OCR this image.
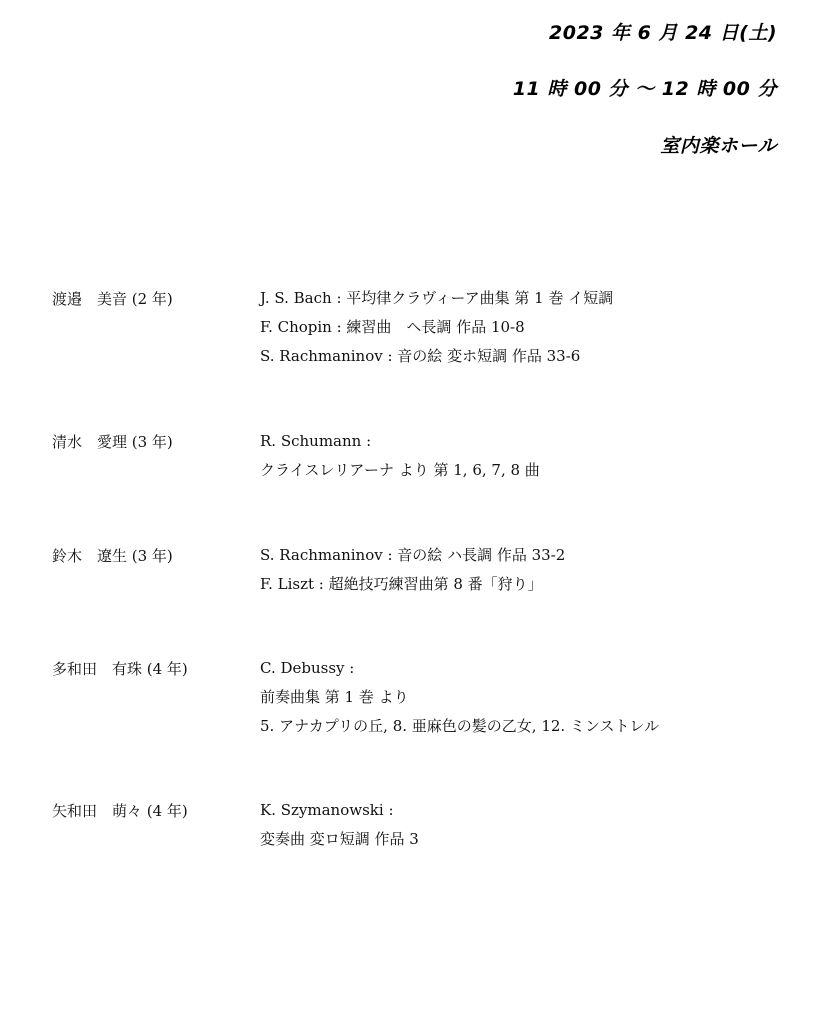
2023 年 6 月 24 日(土)
11 時 00 分 〜 12 時 00 分
室内楽ホール
渡邉　美音 (2 年)	J. S. Bach : 平均律クラヴィーア曲集 第 1 巻 イ短調
F. Chopin : 練習曲　ヘ長調 作品 10-8
S. Rachmaninov : 音の絵 変ホ短調 作品 33-6
清水　愛理 (3 年)	R. Schumann :
クライスレリアーナ より 第 1, 6, 7, 8 曲
鈴木　遼生 (3 年)	S. Rachmaninov : 音の絵 ハ長調 作品 33-2
F. Liszt : 超絶技巧練習曲第 8 番「狩り」
多和田　有珠 (4 年)	C. Debussy :
前奏曲集 第 1 巻 より
5. アナカプリの丘, 8. 亜麻色の髪の乙女, 12. ミンストレル
矢和田　萌々 (4 年)	K. Szymanowski :
変奏曲 変ロ短調 作品 3
